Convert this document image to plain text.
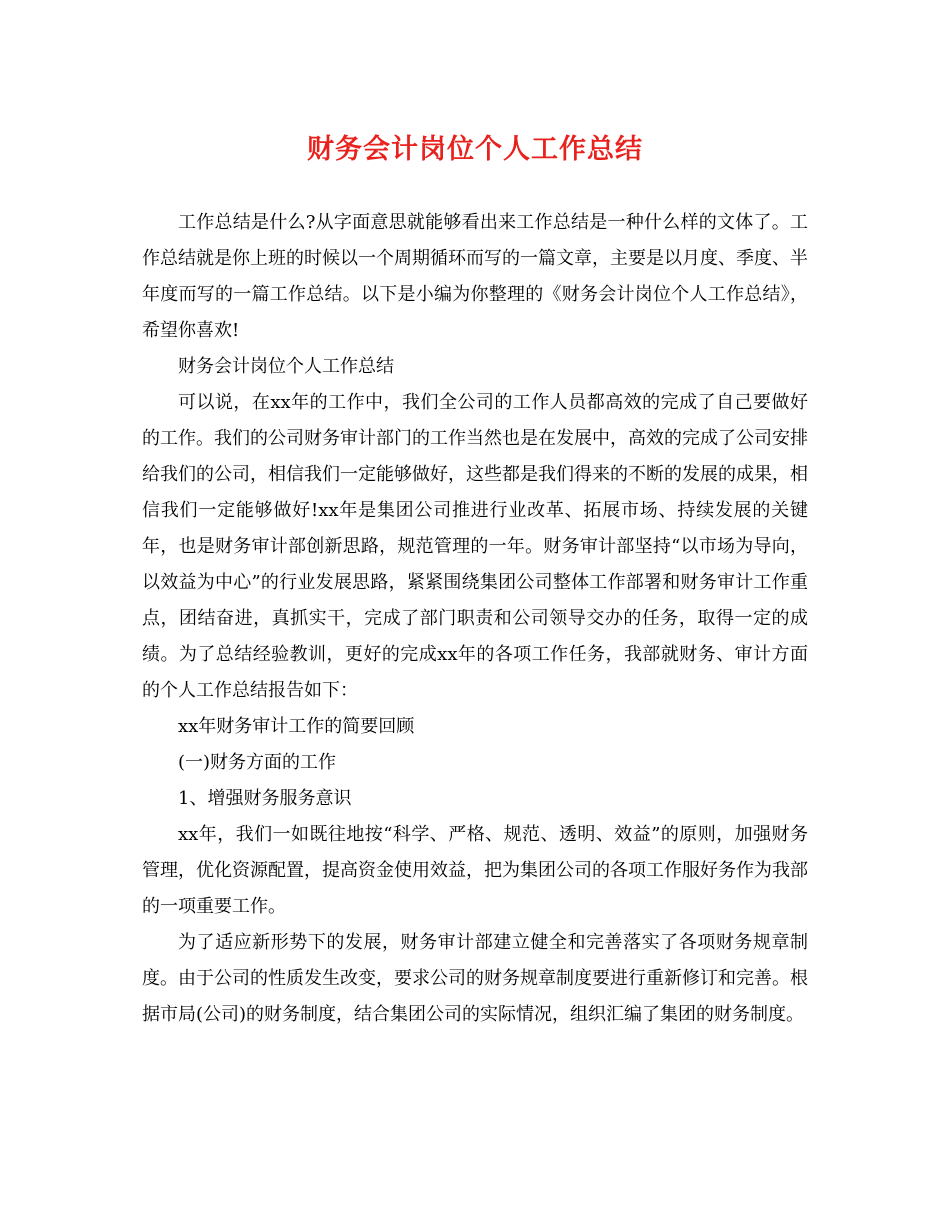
财务会计岗位个人工作总结

工作总结是什么?从字面意思就能够看出来工作总结是一种什么样的文体了。工作总结就是你上班的时候以一个周期循环而写的一篇文章，主要是以月度、季度、半年度而写的一篇工作总结。以下是小编为你整理的《财务会计岗位个人工作总结》，希望你喜欢!

财务会计岗位个人工作总结

可以说，在xx年的工作中，我们全公司的工作人员都高效的完成了自己要做好的工作。我们的公司财务审计部门的工作当然也是在发展中，高效的完成了公司安排给我们的公司，相信我们一定能够做好，这些都是我们得来的不断的发展的成果，相信我们一定能够做好!xx年是集团公司推进行业改革、拓展市场、持续发展的关键年，也是财务审计部创新思路，规范管理的一年。财务审计部坚持“以市场为导向，以效益为中心”的行业发展思路，紧紧围绕集团公司整体工作部署和财务审计工作重点，团结奋进，真抓实干，完成了部门职责和公司领导交办的任务，取得一定的成绩。为了总结经验教训，更好的完成xx年的各项工作任务，我部就财务、审计方面的个人工作总结报告如下：

xx年财务审计工作的简要回顾

(一)财务方面的工作

1、增强财务服务意识

xx年，我们一如既往地按“科学、严格、规范、透明、效益”的原则，加强财务管理，优化资源配置，提高资金使用效益，把为集团公司的各项工作服好务作为我部的一项重要工作。

为了适应新形势下的发展，财务审计部建立健全和完善落实了各项财务规章制度。由于公司的性质发生改变，要求公司的财务规章制度要进行重新修订和完善。根据市局(公司)的财务制度，结合集团公司的实际情况，组织汇编了集团的财务制度。
